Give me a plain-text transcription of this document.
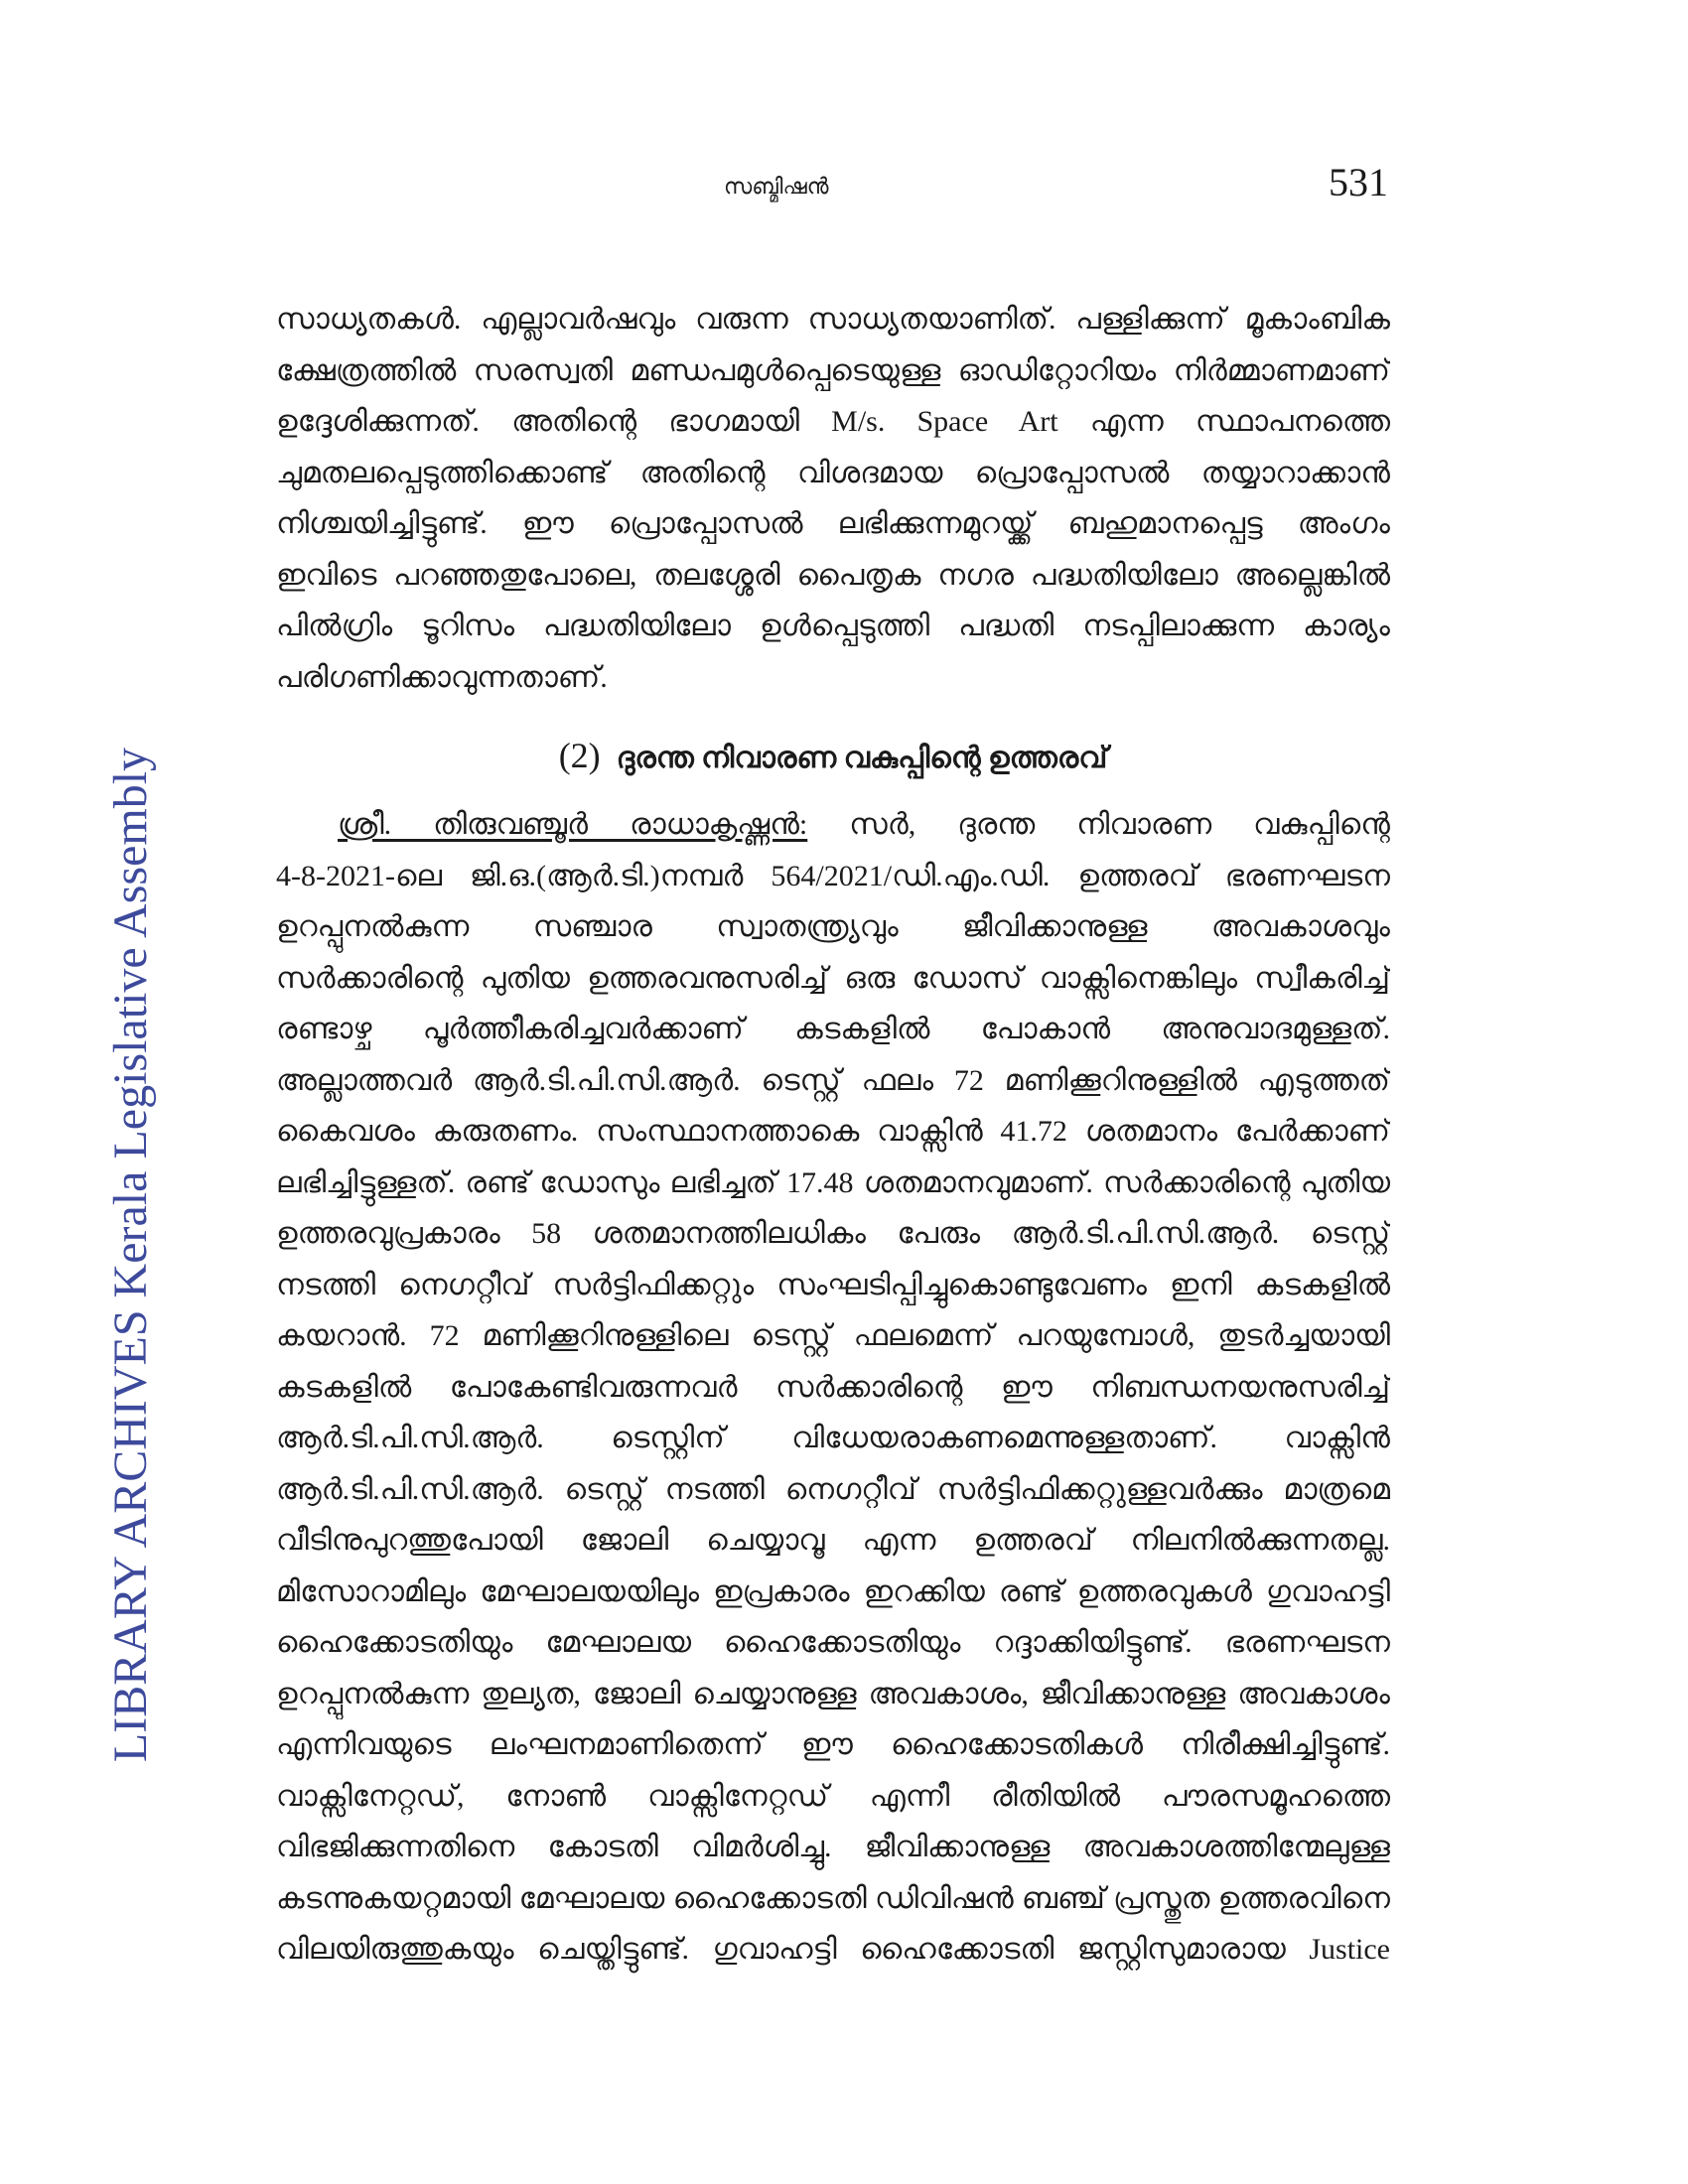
സബ്മിഷൻ	531
LIBRARY ARCHIVES Kerala Legislative Assembly
സാധ്യതകൾ. എല്ലാവർഷവും വരുന്ന സാധ്യതയാണിത്. പള്ളിക്കുന്ന് മൂകാംബിക
ക്ഷേത്രത്തിൽ സരസ്വതി മണ്ഡപമുൾപ്പെടെയുള്ള ഓഡിറ്റോറിയം നിർമ്മാണമാണ്
ഉദ്ദേശിക്കുന്നത്. അതിന്റെ ഭാഗമായി M/s. Space Art എന്ന സ്ഥാപനത്തെ
ചുമതലപ്പെടുത്തിക്കൊണ്ട് അതിന്റെ വിശദമായ പ്രൊപ്പോസൽ തയ്യാറാക്കാൻ
നിശ്ചയിച്ചിട്ടുണ്ട്. ഈ പ്രൊപ്പോസൽ ലഭിക്കുന്നമുറയ്ക്ക് ബഹുമാനപ്പെട്ട അംഗം
ഇവിടെ പറഞ്ഞതുപോലെ, തലശ്ശേരി പൈതൃക നഗര പദ്ധതിയിലോ അല്ലെങ്കിൽ
പിൽഗ്രിം ടൂറിസം പദ്ധതിയിലോ ഉൾപ്പെടുത്തി പദ്ധതി നടപ്പിലാക്കുന്ന കാര്യം
പരിഗണിക്കാവുന്നതാണ്.
(2) ദുരന്ത നിവാരണ വകുപ്പിന്റെ ഉത്തരവ്
ശ്രീ. തിരുവഞ്ചൂർ രാധാകൃഷ്ണൻ: സർ, ദുരന്ത നിവാരണ വകുപ്പിന്റെ
4-8-2021-ലെ ജി.ഒ.(ആർ.ടി.)നമ്പർ 564/2021/ഡി.എം.ഡി. ഉത്തരവ് ഭരണഘടന
ഉറപ്പുനൽകുന്ന സഞ്ചാര സ്വാതന്ത്ര്യവും ജീവിക്കാനുള്ള അവകാശവും
സർക്കാരിന്റെ പുതിയ ഉത്തരവനുസരിച്ച് ഒരു ഡോസ് വാക്സിനെങ്കിലും സ്വീകരിച്ച്
രണ്ടാഴ്ച പൂർത്തീകരിച്ചവർക്കാണ് കടകളിൽ പോകാൻ അനുവാദമുള്ളത്.
അല്ലാത്തവർ ആർ.ടി.പി.സി.ആർ. ടെസ്റ്റ് ഫലം 72 മണിക്കൂറിനുള്ളിൽ എടുത്തത്
കൈവശം കരുതണം. സംസ്ഥാനത്താകെ വാക്സിൻ 41.72 ശതമാനം പേർക്കാണ്
ലഭിച്ചിട്ടുള്ളത്. രണ്ട് ഡോസും ലഭിച്ചത് 17.48 ശതമാനവുമാണ്. സർക്കാരിന്റെ പുതിയ
ഉത്തരവുപ്രകാരം 58 ശതമാനത്തിലധികം പേരും ആർ.ടി.പി.സി.ആർ. ടെസ്റ്റ്
നടത്തി നെഗറ്റീവ് സർട്ടിഫിക്കറ്റും സംഘടിപ്പിച്ചുകൊണ്ടുവേണം ഇനി കടകളിൽ
കയറാൻ. 72 മണിക്കൂറിനുള്ളിലെ ടെസ്റ്റ് ഫലമെന്ന് പറയുമ്പോൾ, തുടർച്ചയായി
കടകളിൽ പോകേണ്ടിവരുന്നവർ സർക്കാരിന്റെ ഈ നിബന്ധനയനുസരിച്ച്
ആർ.ടി.പി.സി.ആർ. ടെസ്റ്റിന് വിധേയരാകണമെന്നുള്ളതാണ്. വാക്സിൻ
ആർ.ടി.പി.സി.ആർ. ടെസ്റ്റ് നടത്തി നെഗറ്റീവ് സർട്ടിഫിക്കറ്റുള്ളവർക്കും മാത്രമെ
വീടിനുപുറത്തുപോയി ജോലി ചെയ്യാവൂ എന്ന ഉത്തരവ് നിലനിൽക്കുന്നതല്ല.
മിസോറാമിലും മേഘാലയയിലും ഇപ്രകാരം ഇറക്കിയ രണ്ട് ഉത്തരവുകൾ ഗുവാഹട്ടി
ഹൈക്കോടതിയും മേഘാലയ ഹൈക്കോടതിയും റദ്ദാക്കിയിട്ടുണ്ട്. ഭരണഘടന
ഉറപ്പുനൽകുന്ന തുല്യത, ജോലി ചെയ്യാനുള്ള അവകാശം, ജീവിക്കാനുള്ള അവകാശം
എന്നിവയുടെ ലംഘനമാണിതെന്ന് ഈ ഹൈക്കോടതികൾ നിരീക്ഷിച്ചിട്ടുണ്ട്.
വാക്സിനേറ്റഡ്, നോൺ വാക്സിനേറ്റഡ് എന്നീ രീതിയിൽ പൗരസമൂഹത്തെ
വിഭജിക്കുന്നതിനെ കോടതി വിമർശിച്ചു. ജീവിക്കാനുള്ള അവകാശത്തിന്മേലുള്ള
കടന്നുകയറ്റമായി മേഘാലയ ഹൈക്കോടതി ഡിവിഷൻ ബഞ്ച് പ്രസ്തുത ഉത്തരവിനെ
വിലയിരുത്തുകയും ചെയ്തിട്ടുണ്ട്. ഗുവാഹട്ടി ഹൈക്കോടതി ജസ്റ്റിസുമാരായ Justice
